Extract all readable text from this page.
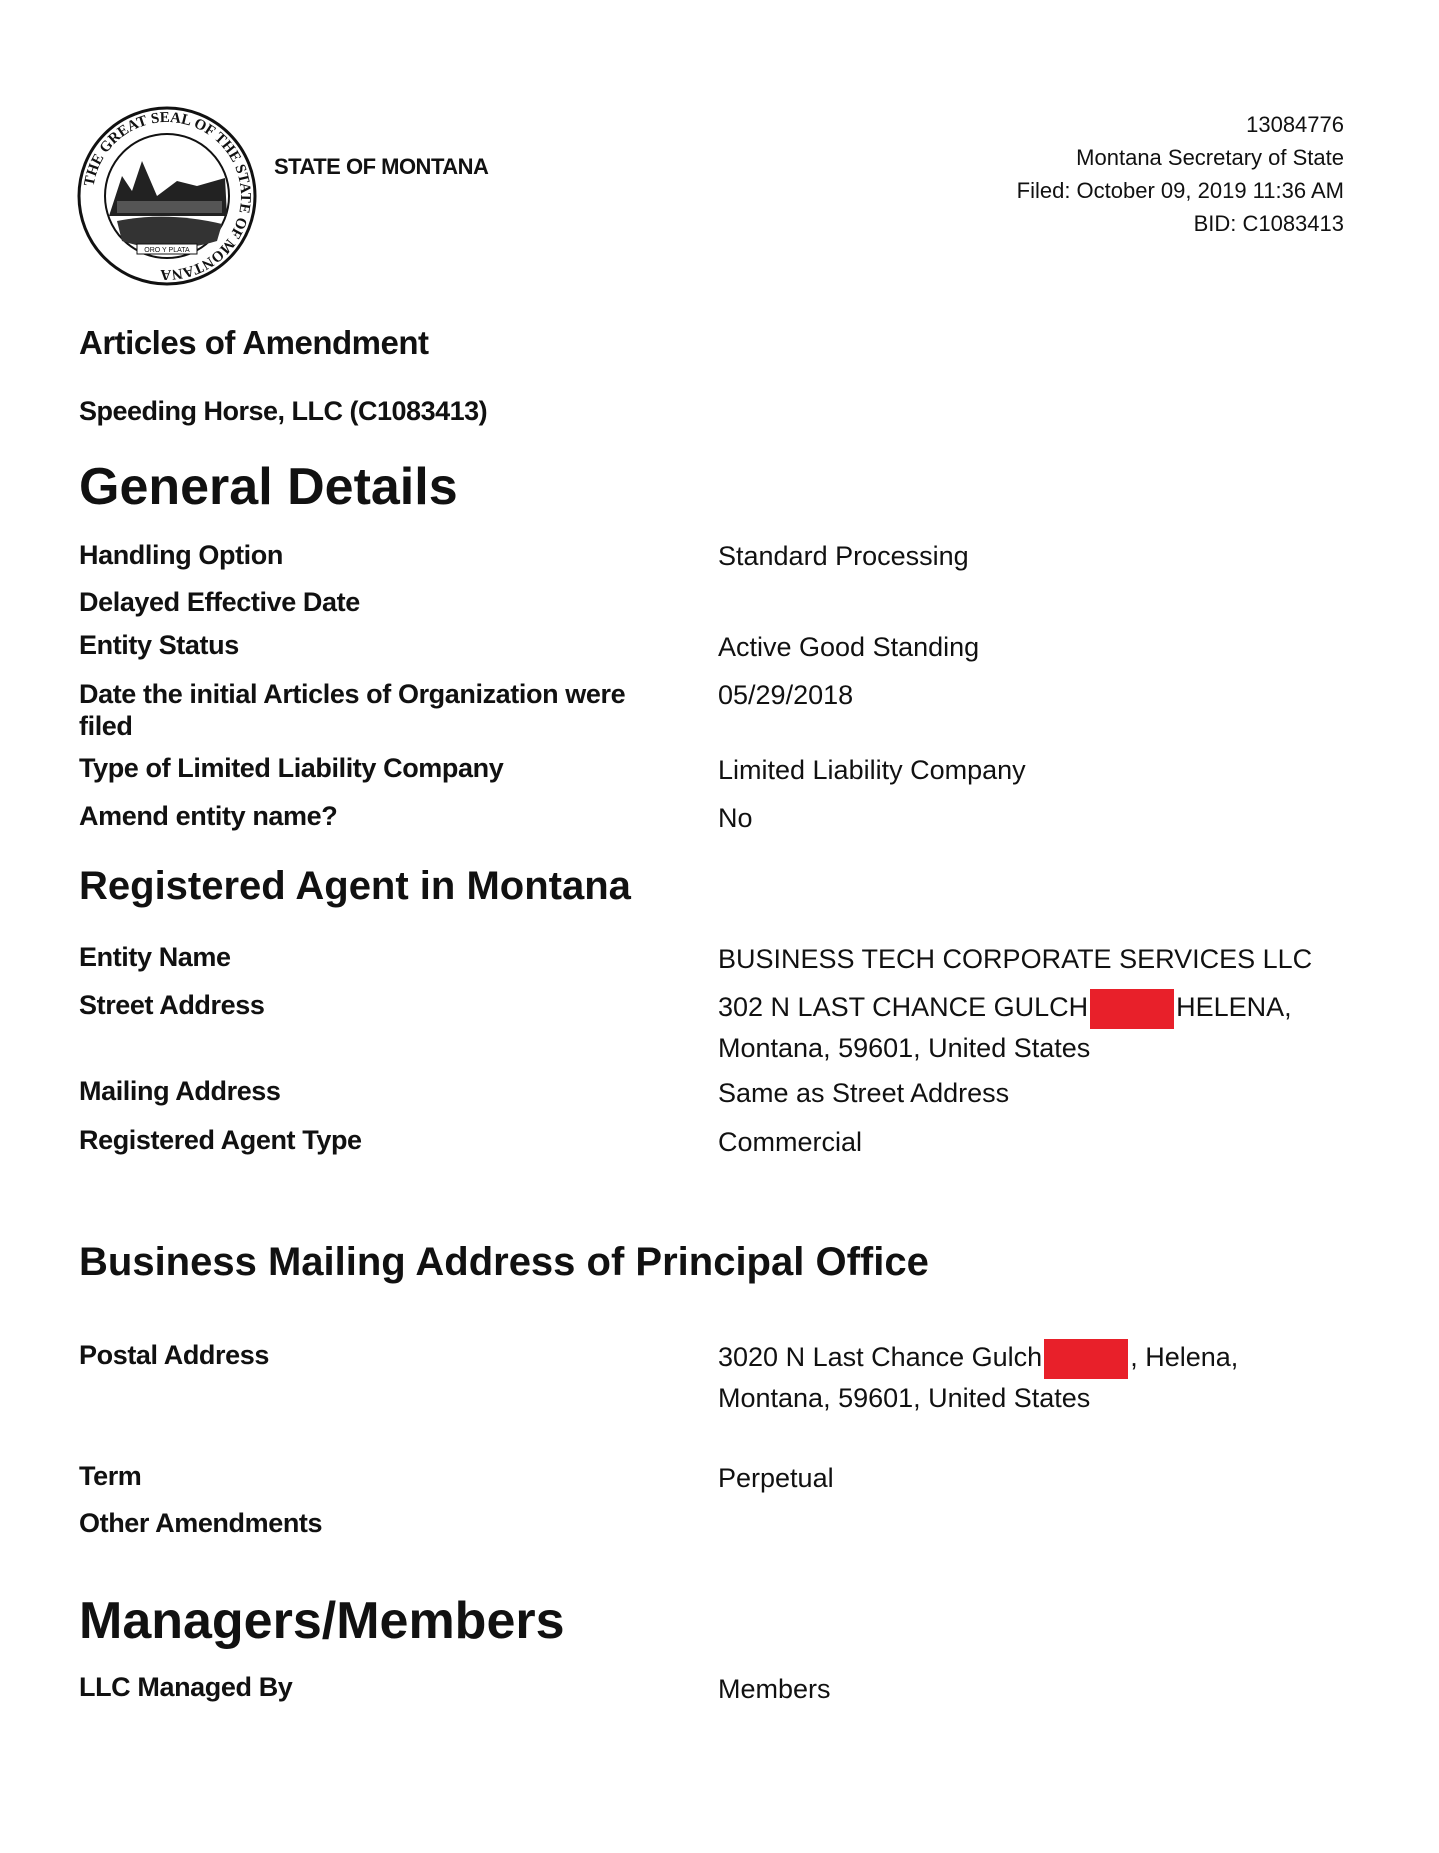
THE GREAT SEAL OF THE STATE OF MONTANA
ORO Y PLATA
STATE OF MONTANA
13084776
Montana Secretary of State
Filed: October 09, 2019 11:36 AM
BID: C1083413
Articles of Amendment
Speeding Horse, LLC (C1083413)
General Details
Handling Option	Standard Processing
Delayed Effective Date
Entity Status	Active Good Standing
Date the initial Articles of Organization were filed
05/29/2018
Type of Limited Liability Company	Limited Liability Company
Amend entity name?	No
Registered Agent in Montana
Entity Name	BUSINESS TECH CORPORATE SERVICES LLC
Street Address	302 N LAST CHANCE GULCH	HELENA,
Montana, 59601, United States
Mailing Address	Same as Street Address
Registered Agent Type	Commercial
Business Mailing Address of Principal Office
Postal Address	3020 N Last Chance Gulch	, Helena,
Montana, 59601, United States
Term	Perpetual
Other Amendments
Managers/Members
LLC Managed By	Members
